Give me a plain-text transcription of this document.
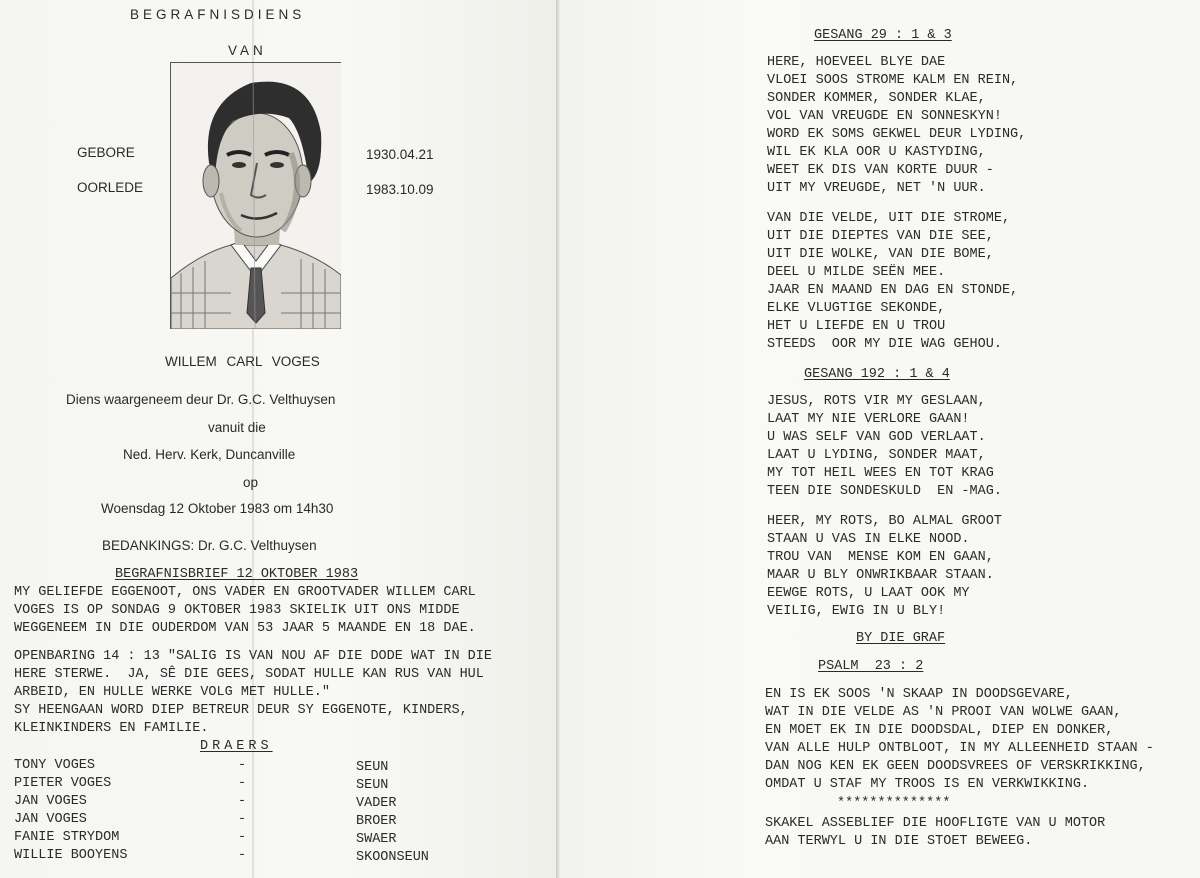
BEGRAFNISDIENS
VAN
GEBORE	1930.04.21
OORLEDE	1983.10.09
WILLEM CARL VOGES
Diens waargeneem deur Dr. G.C. Velthuysen
vanuit die
Ned. Herv. Kerk, Duncanville
op
Woensdag 12 Oktober 1983 om 14h30
BEDANKINGS: Dr. G.C. Velthuysen
BEGRAFNISBRIEF 12 OKTOBER 1983
MY GELIEFDE EGGENOOT, ONS VADER EN GROOTVADER WILLEM CARL
VOGES IS OP SONDAG 9 OKTOBER 1983 SKIELIK UIT ONS MIDDE
WEGGENEEM IN DIE OUDERDOM VAN 53 JAAR 5 MAANDE EN 18 DAE.
OPENBARING 14 : 13 "SALIG IS VAN NOU AF DIE DODE WAT IN DIE
HERE STERWE.  JA, SÊ DIE GEES, SODAT HULLE KAN RUS VAN HUL
ARBEID, EN HULLE WERKE VOLG MET HULLE."
SY HEENGAAN WORD DIEP BETREUR DEUR SY EGGENOTE, KINDERS,
KLEINKINDERS EN FAMILIE.
DRAERS
TONY VOGES	-	SEUN
PIETER VOGES	-	SEUN
JAN VOGES	-	VADER
JAN VOGES	-	BROER
FANIE STRYDOM	-	SWAER
WILLIE BOOYENS	-	SKOONSEUN
GESANG 29 : 1 & 3
HERE, HOEVEEL BLYE DAE
VLOEI SOOS STROME KALM EN REIN,
SONDER KOMMER, SONDER KLAE,
VOL VAN VREUGDE EN SONNESKYN!
WORD EK SOMS GEKWEL DEUR LYDING,
WIL EK KLA OOR U KASTYDING,
WEET EK DIS VAN KORTE DUUR -
UIT MY VREUGDE, NET 'N UUR.
VAN DIE VELDE, UIT DIE STROME,
UIT DIE DIEPTES VAN DIE SEE,
UIT DIE WOLKE, VAN DIE BOME,
DEEL U MILDE SEËN MEE.
JAAR EN MAAND EN DAG EN STONDE,
ELKE VLUGTIGE SEKONDE,
HET U LIEFDE EN U TROU
STEEDS  OOR MY DIE WAG GEHOU.
GESANG 192 : 1 & 4
JESUS, ROTS VIR MY GESLAAN,
LAAT MY NIE VERLORE GAAN!
U WAS SELF VAN GOD VERLAAT.
LAAT U LYDING, SONDER MAAT,
MY TOT HEIL WEES EN TOT KRAG
TEEN DIE SONDESKULD  EN -MAG.
HEER, MY ROTS, BO ALMAL GROOT
STAAN U VAS IN ELKE NOOD.
TROU VAN  MENSE KOM EN GAAN,
MAAR U BLY ONWRIKBAAR STAAN.
EEWGE ROTS, U LAAT OOK MY
VEILIG, EWIG IN U BLY!
BY DIE GRAF
PSALM  23 : 2
EN IS EK SOOS 'N SKAAP IN DOODSGEVARE,
WAT IN DIE VELDE AS 'N PROOI VAN WOLWE GAAN,
EN MOET EK IN DIE DOODSDAL, DIEP EN DONKER,
VAN ALLE HULP ONTBLOOT, IN MY ALLEENHEID STAAN -
DAN NOG KEN EK GEEN DOODSVREES OF VERSKRIKKING,
OMDAT U STAF MY TROOS IS EN VERKWIKKING.
**************
SKAKEL ASSEBLIEF DIE HOOFLIGTE VAN U MOTOR
AAN TERWYL U IN DIE STOET BEWEEG.
